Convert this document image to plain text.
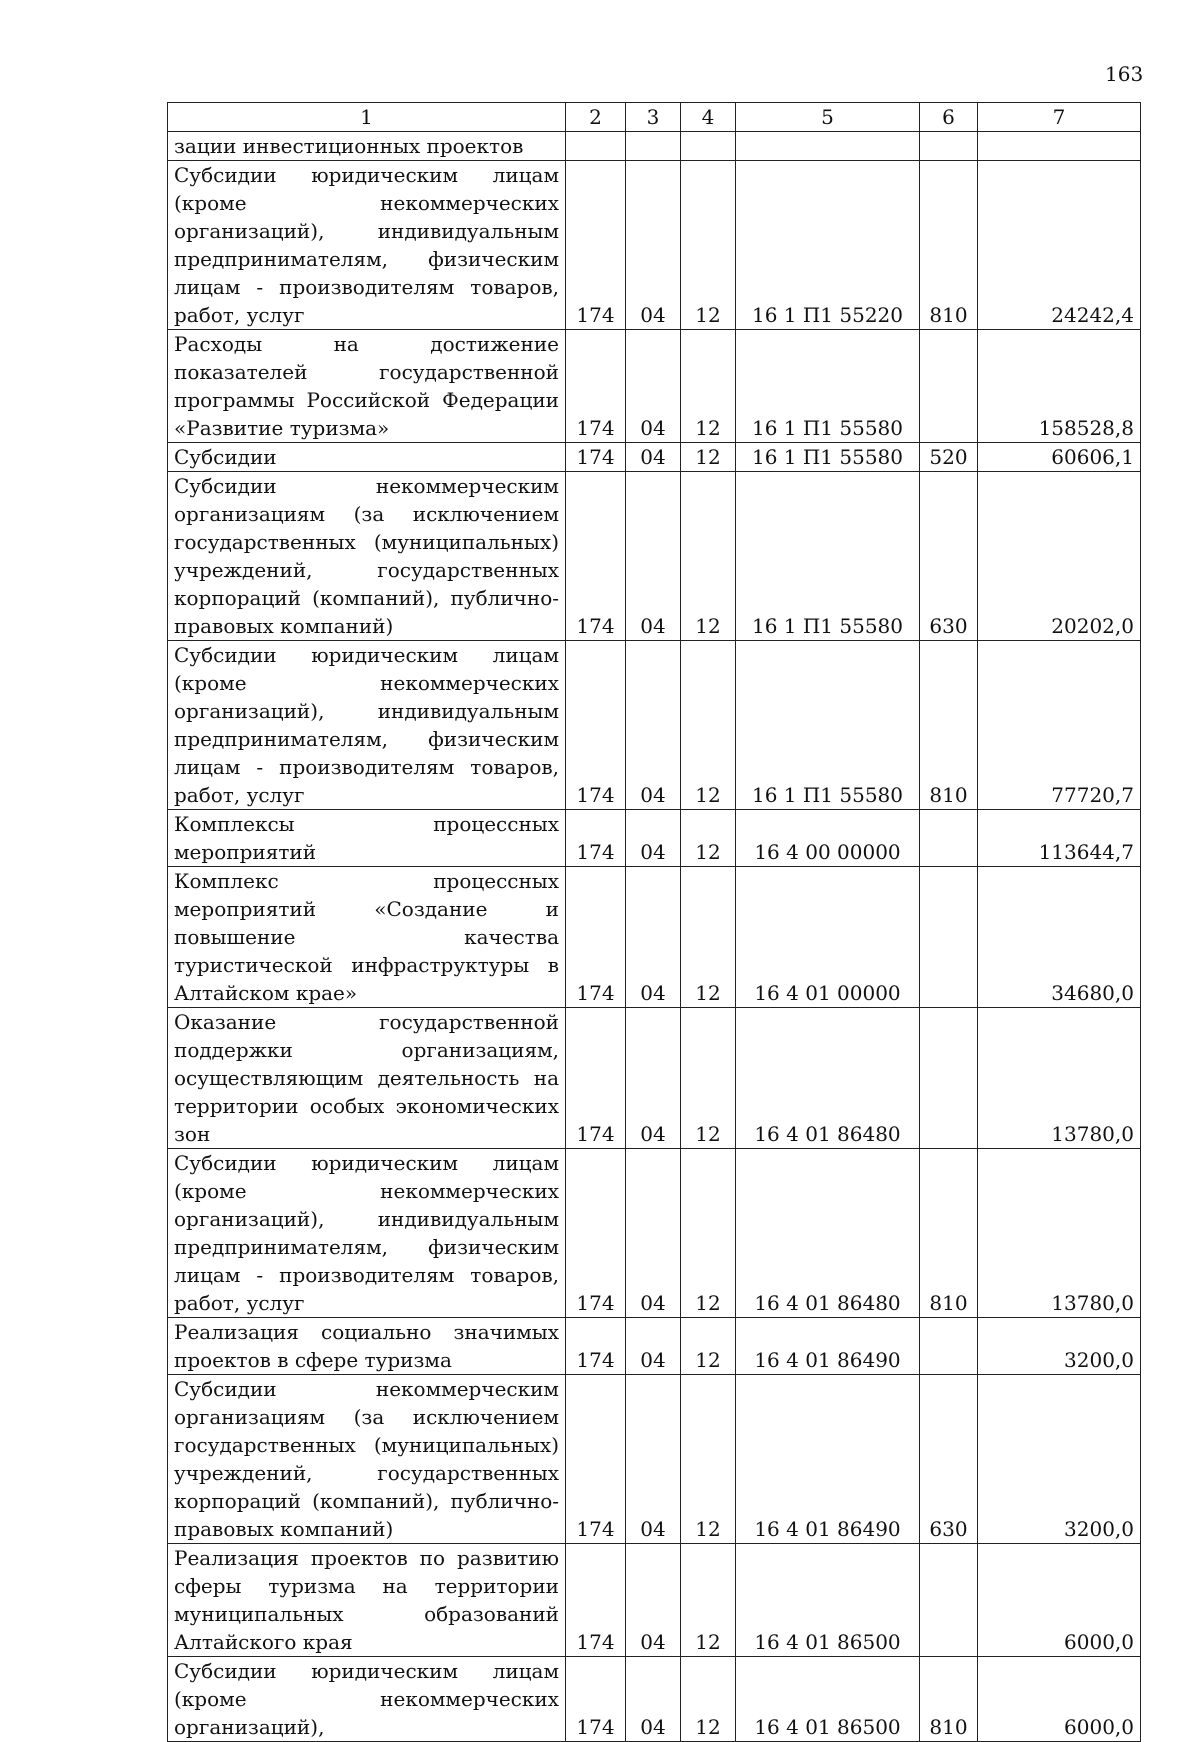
163
1	2	3	4	5	6	7
зации инвестиционных проектов						
Субсидии юридическим лицам (кроме некоммерческих организаций), индивидуальным предпринимателям, физическим лицам - производителям товаров, работ, услуг	174	04	12	16 1 П1 55220	810	24242,4
Расходы на достижение показателей государственной программы Российской Федерации «Развитие туризма»	174	04	12	16 1 П1 55580		158528,8
Субсидии	174	04	12	16 1 П1 55580	520	60606,1
Субсидии некоммерческим организациям (за исключением государственных (муниципальных) учреждений, государственных корпораций (компаний), публично-правовых компаний)	174	04	12	16 1 П1 55580	630	20202,0
Субсидии юридическим лицам (кроме некоммерческих организаций), индивидуальным предпринимателям, физическим лицам - производителям товаров, работ, услуг	174	04	12	16 1 П1 55580	810	77720,7
Комплексы процессных мероприятий	174	04	12	16 4 00 00000		113644,7
Комплекс процессных мероприятий «Создание и повышение качества туристической инфраструктуры в Алтайском крае»	174	04	12	16 4 01 00000		34680,0
Оказание государственной поддержки организациям, осуществляющим деятельность на территории особых экономических зон	174	04	12	16 4 01 86480		13780,0
Субсидии юридическим лицам (кроме некоммерческих организаций), индивидуальным предпринимателям, физическим лицам - производителям товаров, работ, услуг	174	04	12	16 4 01 86480	810	13780,0
Реализация социально значимых проектов в сфере туризма	174	04	12	16 4 01 86490		3200,0
Субсидии некоммерческим организациям (за исключением государственных (муниципальных) учреждений, государственных корпораций (компаний), публично-правовых компаний)	174	04	12	16 4 01 86490	630	3200,0
Реализация проектов по развитию сферы туризма на территории муниципальных образований Алтайского края	174	04	12	16 4 01 86500		6000,0
Субсидии юридическим лицам (кроме некоммерческих организаций),	174	04	12	16 4 01 86500	810	6000,0
